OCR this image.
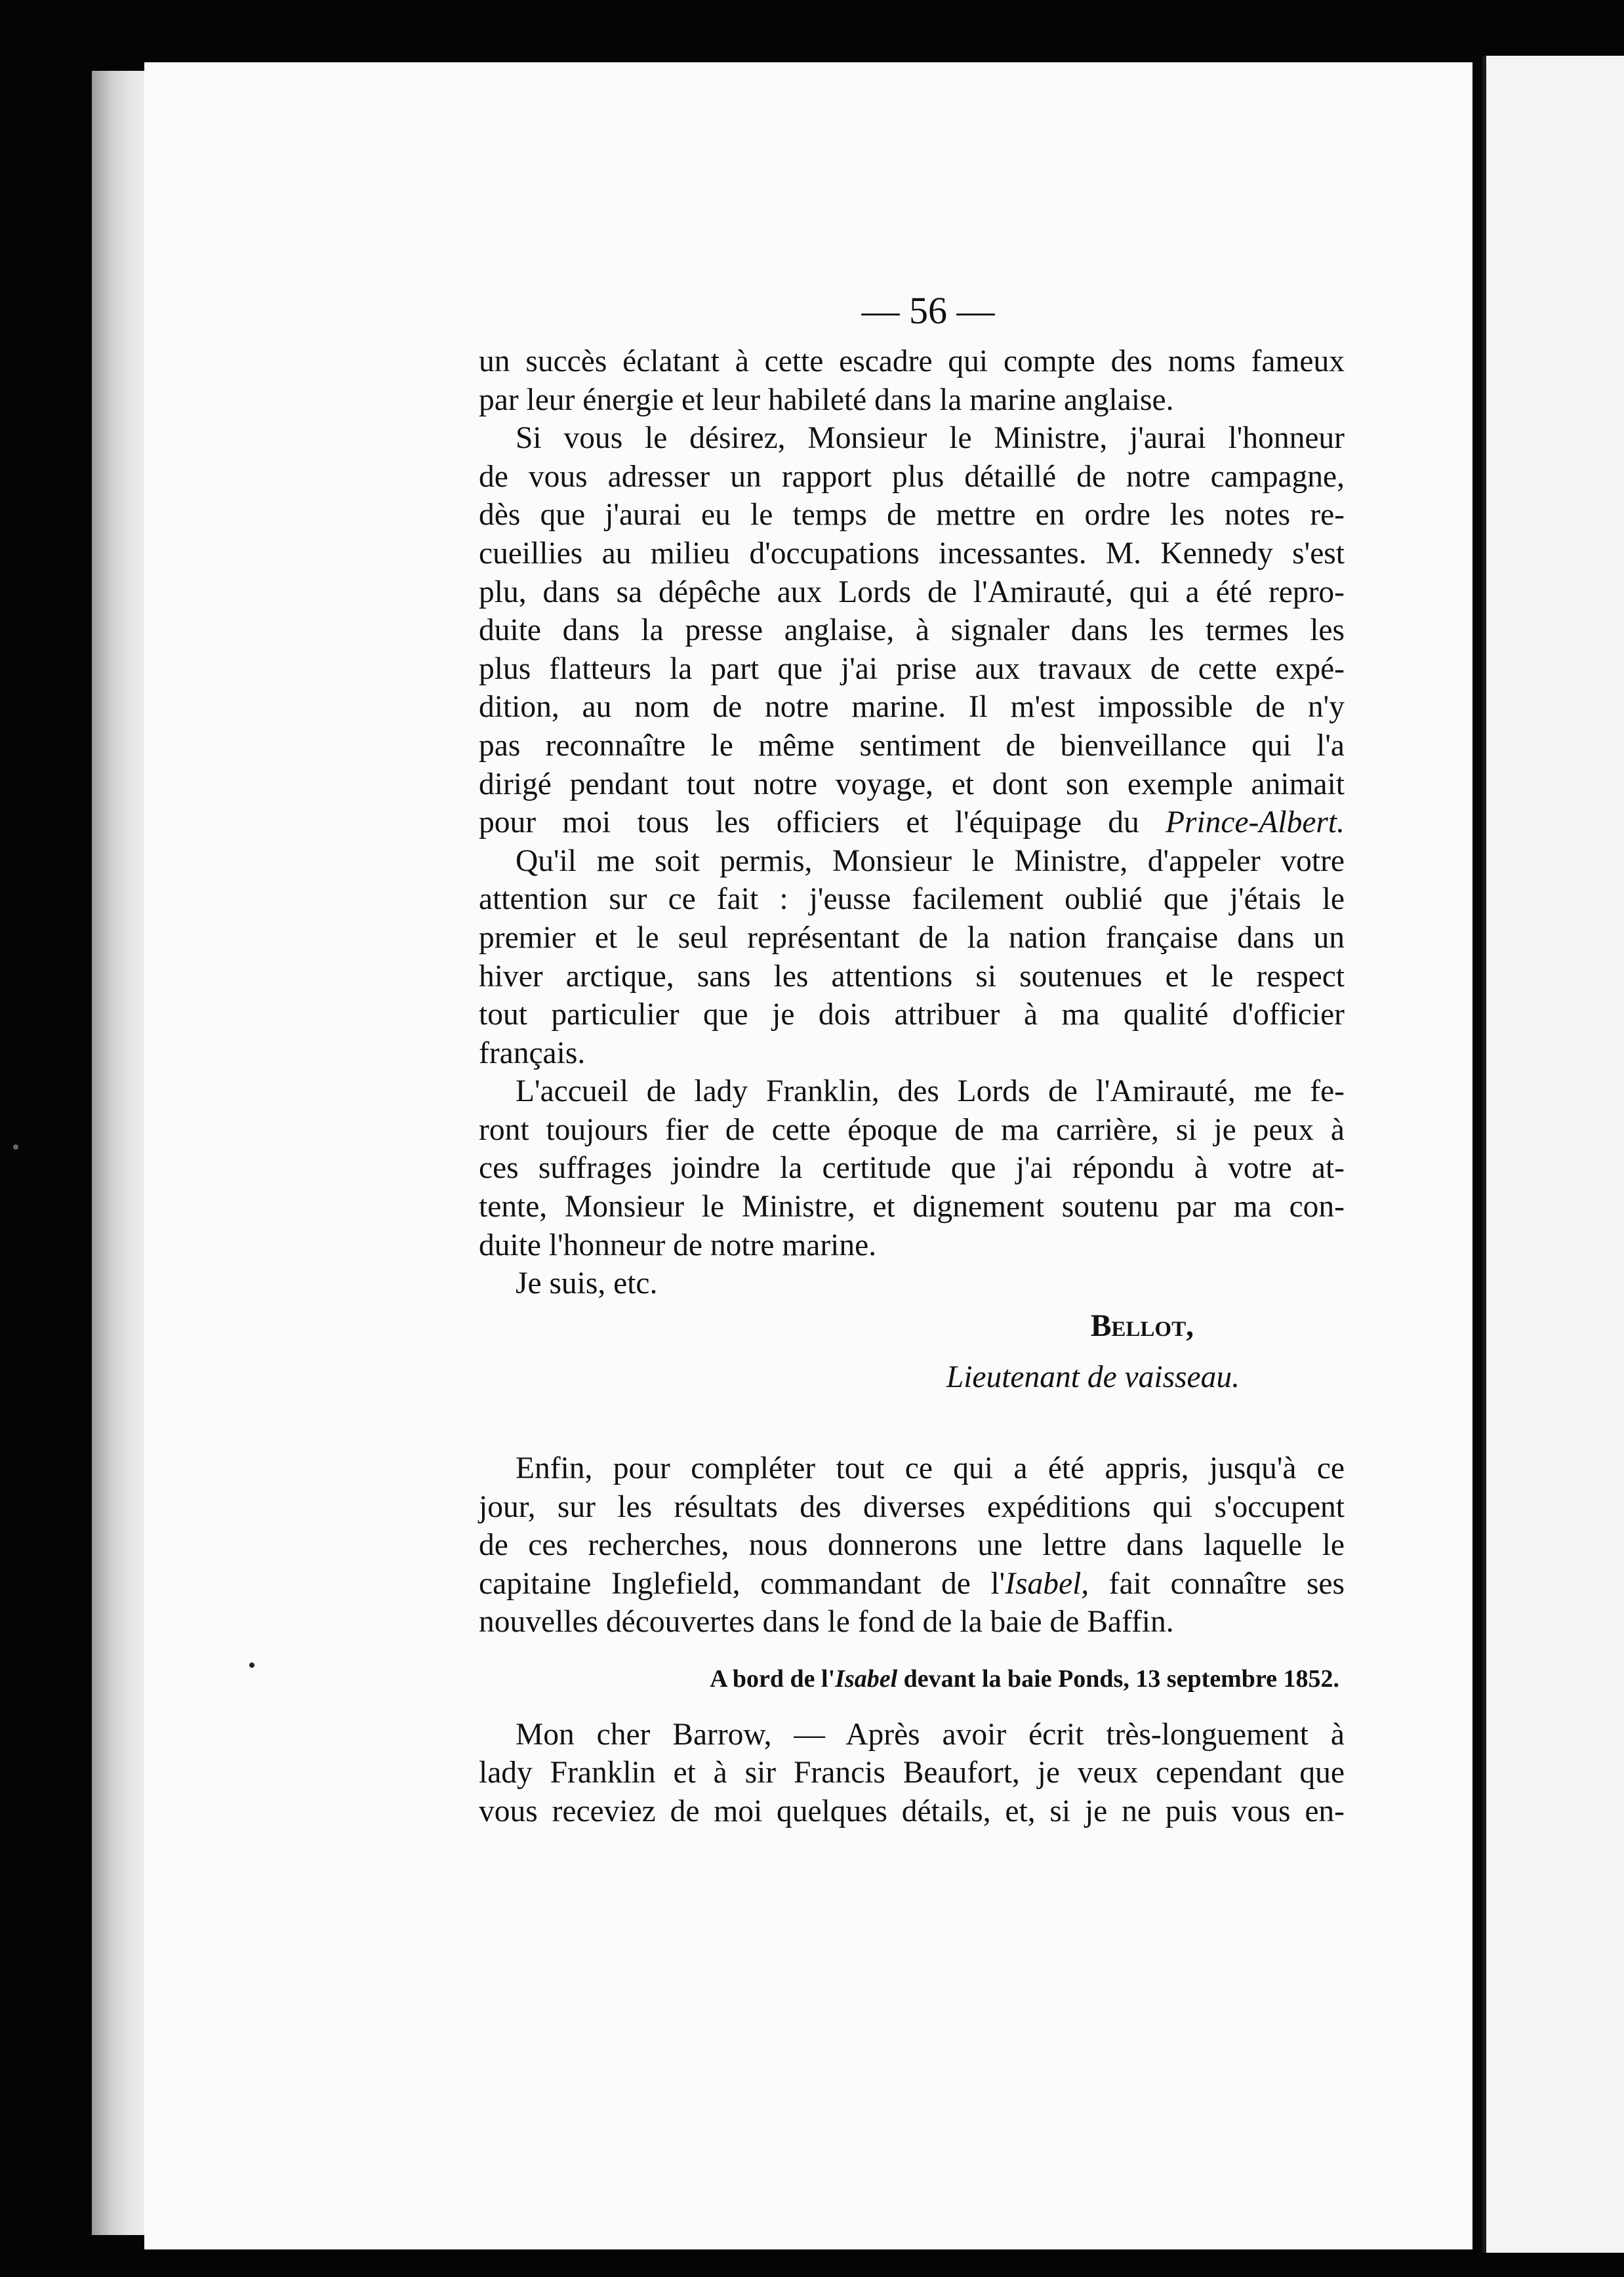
— 56 —
un succès éclatant à cette escadre qui compte des noms fameux
par leur énergie et leur habileté dans la marine anglaise.
Si vous le désirez, Monsieur le Ministre, j'aurai l'honneur
de vous adresser un rapport plus détaillé de notre campagne,
dès que j'aurai eu le temps de mettre en ordre les notes re-
cueillies au milieu d'occupations incessantes. M. Kennedy s'est
plu, dans sa dépêche aux Lords de l'Amirauté, qui a été repro-
duite dans la presse anglaise, à signaler dans les termes les
plus flatteurs la part que j'ai prise aux travaux de cette expé-
dition, au nom de notre marine. Il m'est impossible de n'y
pas reconnaître le même sentiment de bienveillance qui l'a
dirigé pendant tout notre voyage, et dont son exemple animait
pour moi tous les officiers et l'équipage du Prince-Albert.
Qu'il me soit permis, Monsieur le Ministre, d'appeler votre
attention sur ce fait : j'eusse facilement oublié que j'étais le
premier et le seul représentant de la nation française dans un
hiver arctique, sans les attentions si soutenues et le respect
tout particulier que je dois attribuer à ma qualité d'officier
français.
L'accueil de lady Franklin, des Lords de l'Amirauté, me fe-
ront toujours fier de cette époque de ma carrière, si je peux à
ces suffrages joindre la certitude que j'ai répondu à votre at-
tente, Monsieur le Ministre, et dignement soutenu par ma con-
duite l'honneur de notre marine.
Je suis, etc.
Bellot,
Lieutenant de vaisseau.
Enfin, pour compléter tout ce qui a été appris, jusqu'à ce
jour, sur les résultats des diverses expéditions qui s'occupent
de ces recherches, nous donnerons une lettre dans laquelle le
capitaine Inglefield, commandant de l'Isabel, fait connaître ses
nouvelles découvertes dans le fond de la baie de Baffin.
A bord de l'Isabel devant la baie Ponds, 13 septembre 1852.
Mon cher Barrow, — Après avoir écrit très-longuement à
lady Franklin et à sir Francis Beaufort, je veux cependant que
vous receviez de moi quelques détails, et, si je ne puis vous en-
